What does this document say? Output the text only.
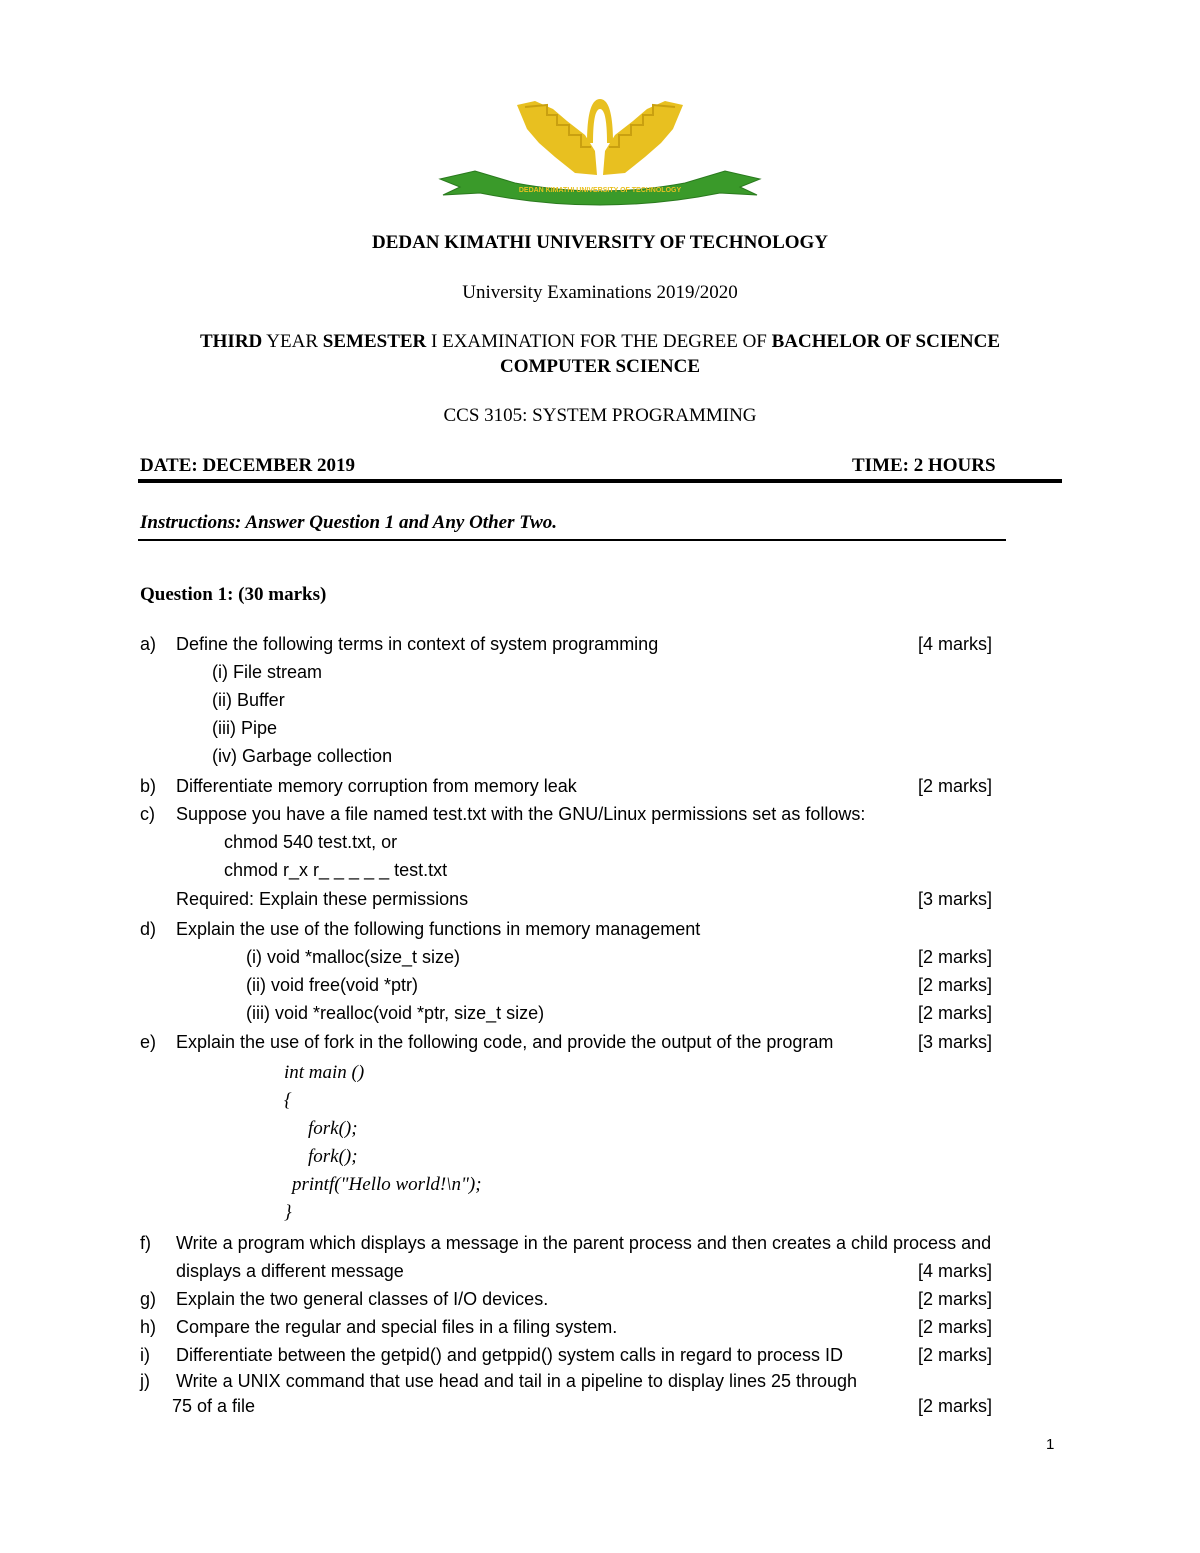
DEDAN KIMATHI UNIVERSITY OF TECHNOLOGY
DEDAN KIMATHI UNIVERSITY OF TECHNOLOGY
University Examinations 2019/2020
THIRD YEAR SEMESTER I EXAMINATION FOR THE DEGREE OF BACHELOR OF SCIENCE
COMPUTER SCIENCE
CCS 3105: SYSTEM PROGRAMMING
DATE: DECEMBER 2019	TIME: 2 HOURS
Instructions: Answer Question 1 and Any Other Two.
Question 1: (30 marks)
a) Define the following terms in context of system programming	[4 marks]
(i) File stream
(ii) Buffer
(iii) Pipe
(iv) Garbage collection
b) Differentiate memory corruption from memory leak	[2 marks]
c) Suppose you have a file named test.txt with the GNU/Linux permissions set as follows:
chmod 540 test.txt, or
chmod r_x r_ _ _ _ _ test.txt
Required: Explain these permissions	[3 marks]
d) Explain the use of the following functions in memory management
(i) void *malloc(size_t size)	[2 marks]
(ii) void free(void *ptr)	[2 marks]
(iii) void *realloc(void *ptr, size_t size)	[2 marks]
e) Explain the use of fork in the following code, and provide the output of the program	[3 marks]
int main ()
{
fork();
fork();
printf("Hello world!\n");
}
f) Write a program which displays a message in the parent process and then creates a child process and
displays a different message	[4 marks]
g) Explain the two general classes of I/O devices.	[2 marks]
h) Compare the regular and special files in a filing system.	[2 marks]
i) Differentiate between the getpid() and getppid() system calls in regard to process ID	[2 marks]
j) Write a UNIX command that use head and tail in a pipeline to display lines 25 through
75 of a file	[2 marks]
1
